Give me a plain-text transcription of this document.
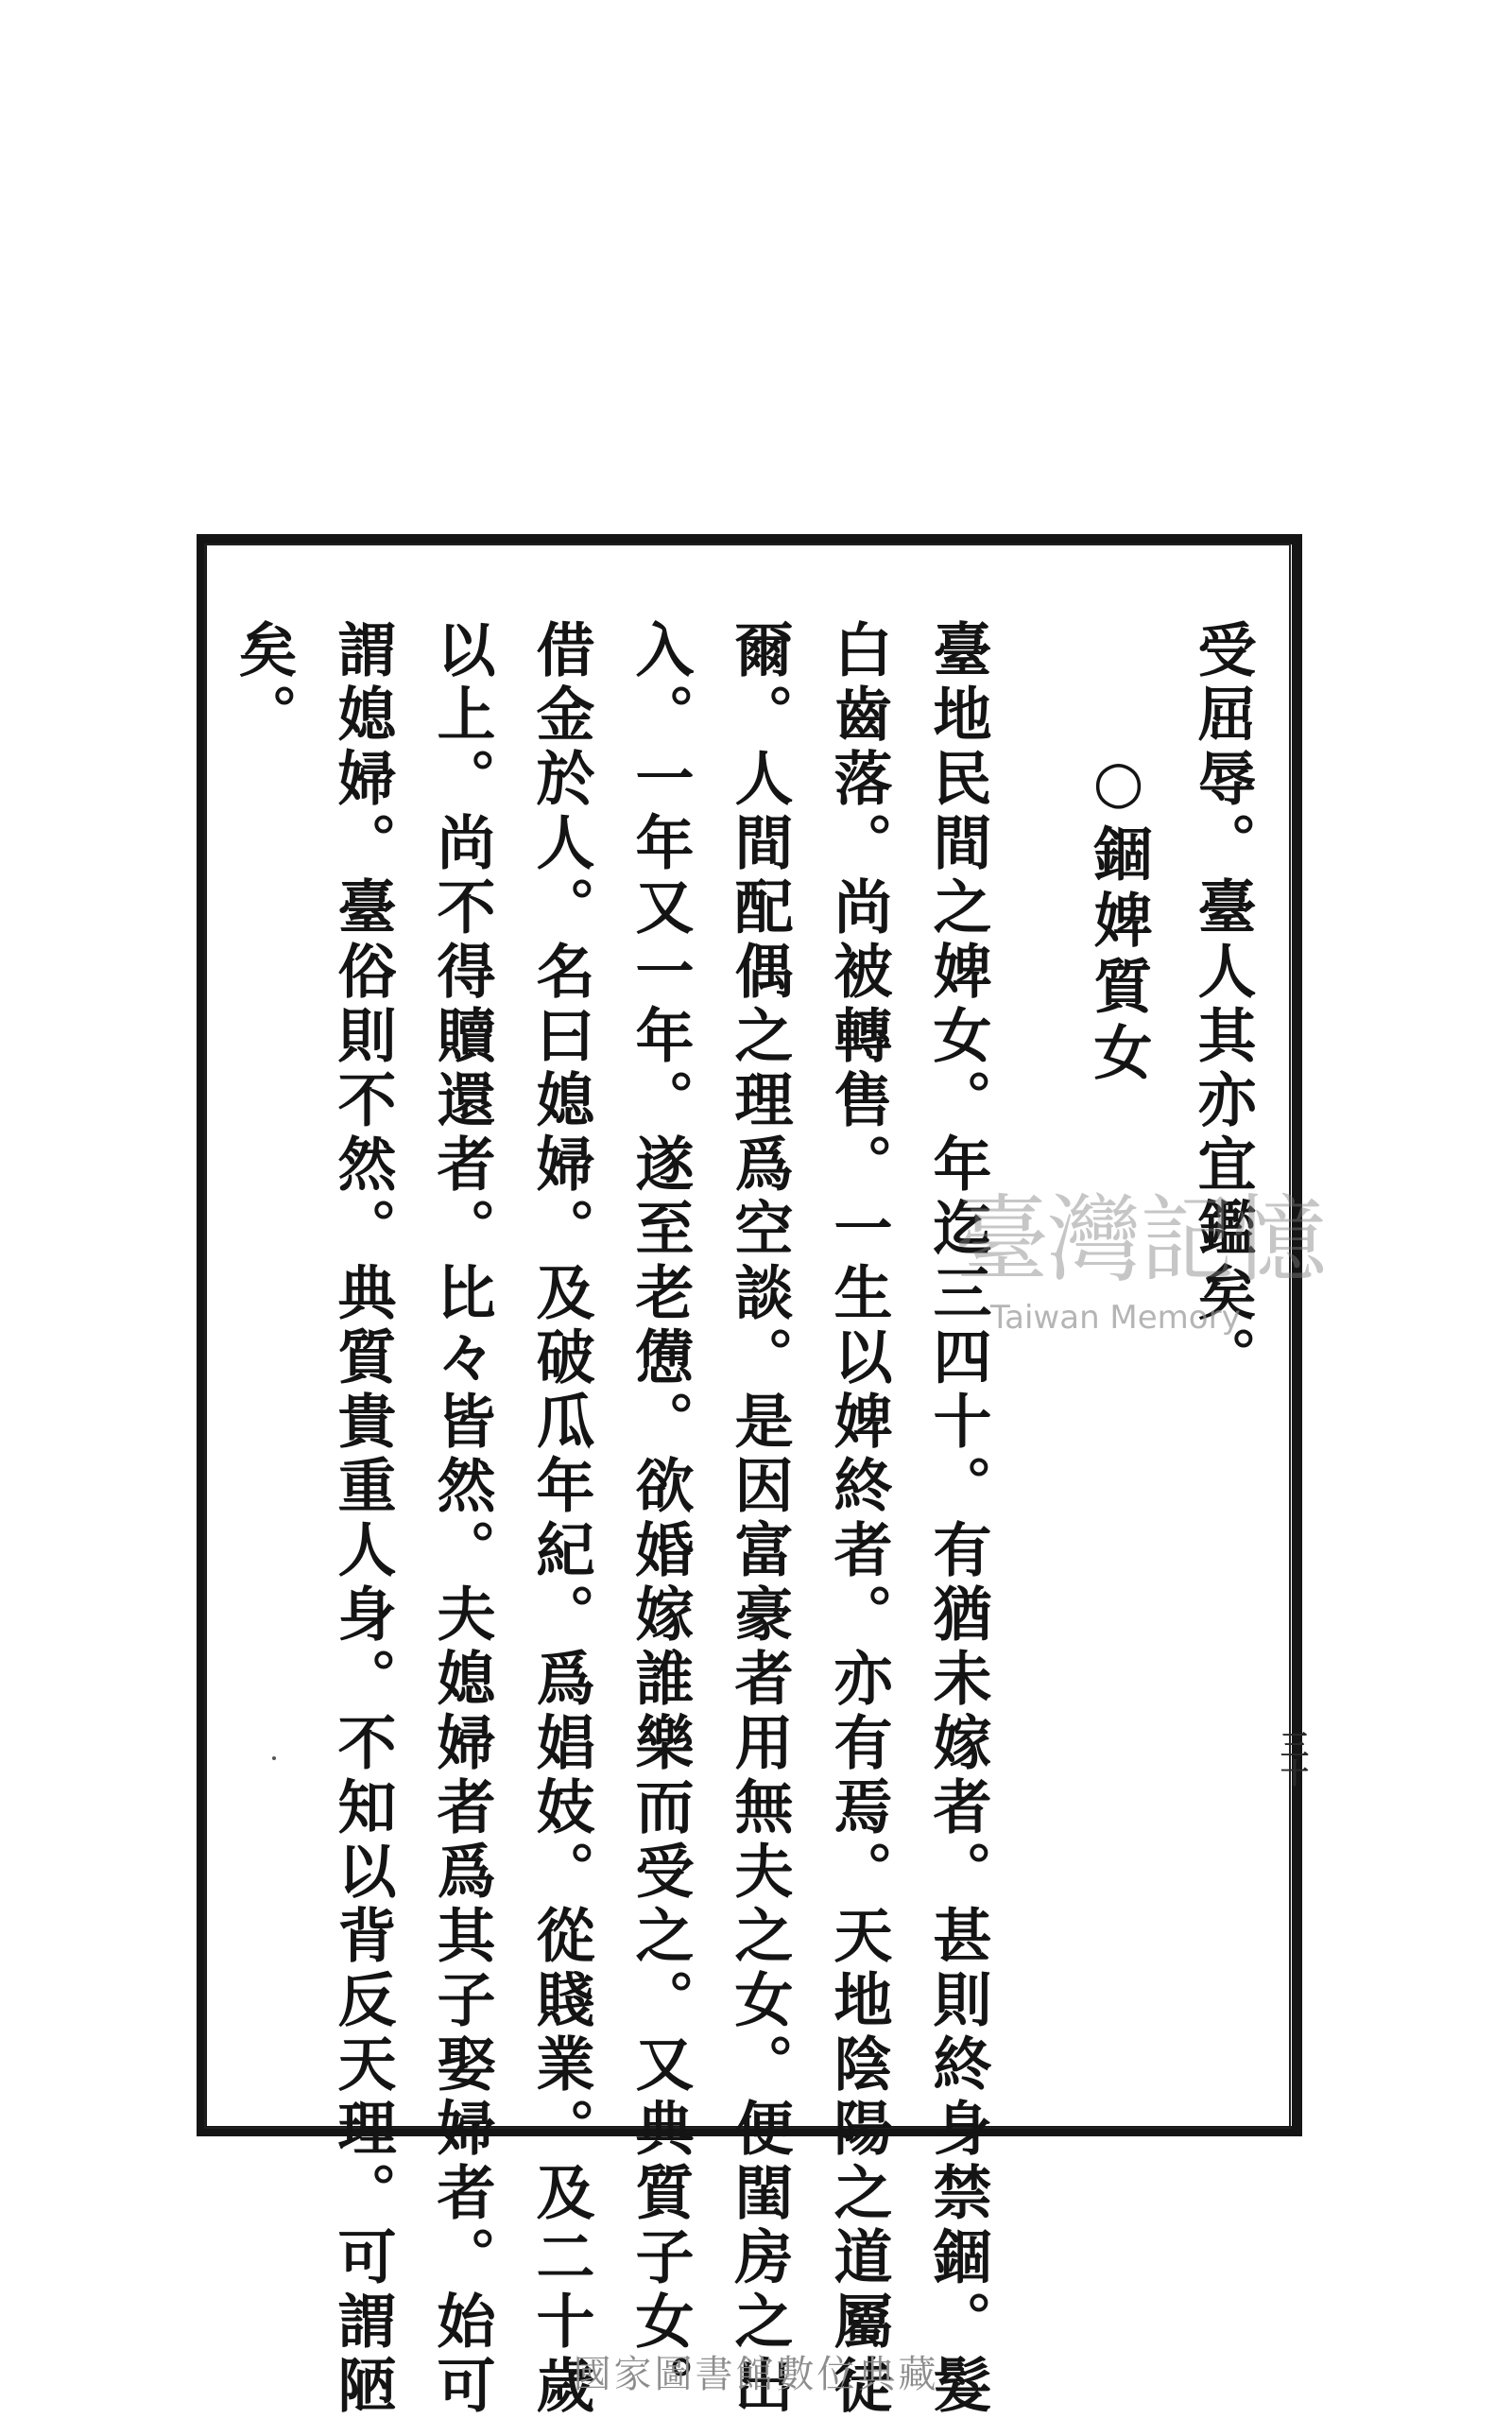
受屈辱。臺人其亦宜鑑矣。
○錮婢質女
臺地民間之婢女。年迄三四十。有猶未嫁者。甚則終身禁錮。髮
白齒落。尚被轉售。一生以婢終者。亦有焉。天地陰陽之道屬徒
爾。人間配偶之理爲空談。是因富豪者用無夫之女。便閨房之出
入。一年又一年。遂至老憊。欲婚嫁誰樂而受之。又典質子女。
借金於人。名曰媳婦。及破瓜年紀。爲娼妓。從賤業。及二十歲
以上。尚不得贖還者。比々皆然。夫媳婦者爲其子娶婦者。始可
謂媳婦。臺俗則不然。典質貴重人身。不知以背反天理。可謂陋
矣。
三十
臺灣記憶
Taiwan Memory
國家圖書館數位典藏
